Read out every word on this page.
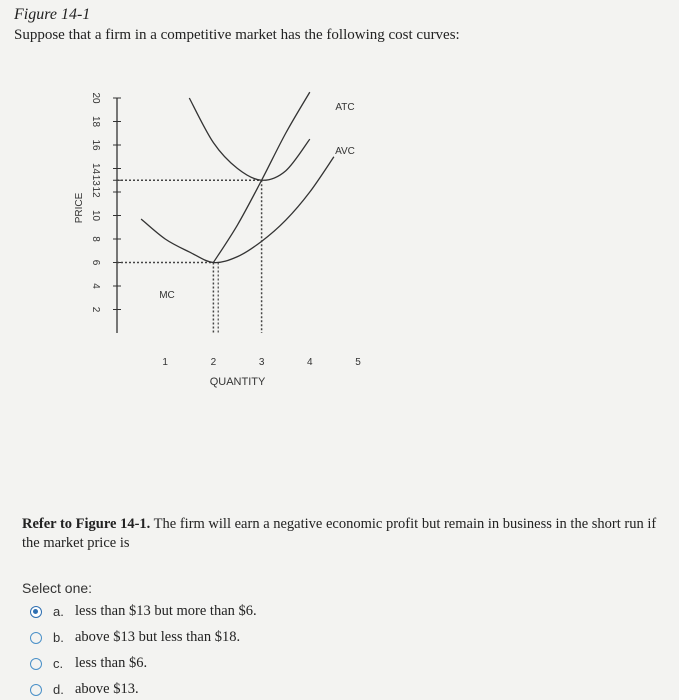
Figure 14-1
Suppose that a firm in a competitive market has the following cost curves:
2
4
6
8
10
12
13
14
16
18
20
PRICE
1	2	3	4	5
QUANTITY
ATC
AVC
MC
Refer to Figure 14-1. The firm will earn a negative economic profit but remain in business in the short run if the market price is
Select one:
a. less than $13 but more than $6.
b. above $13 but less than $18.
c. less than $6.
d. above $13.
